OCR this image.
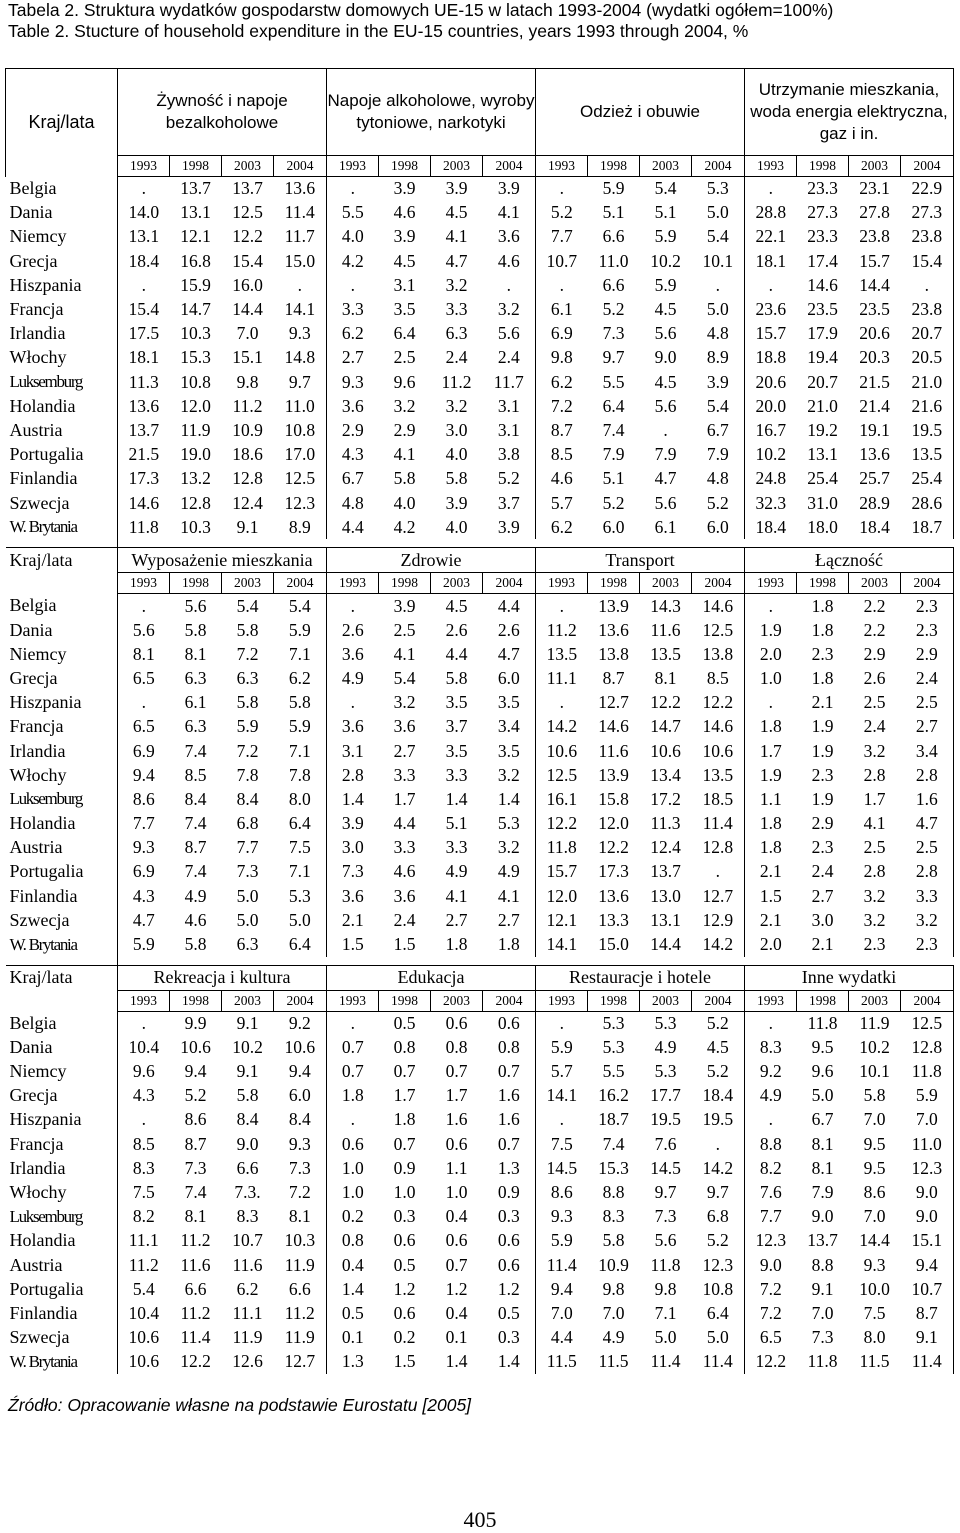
Tabela 2. Struktura wydatków gospodarstw domowych UE-15 w latach 1993-2004 (wydatki ogółem=100%)
Table 2. Stucture of household expenditure in the EU-15 countries, years 1993 through 2004, %
Kraj/lata	Żywność i napoje bezalkoholowe				Napoje alkoholowe, wyroby tytoniowe, narkotyki				Odzież i obuwie				Utrzymanie mieszkania, woda energia elektryczna, gaz i in.			
	1993	1998	2003	2004	1993	1998	2003	2004	1993	1998	2003	2004	1993	1998	2003	2004
Belgia	.	13.7	13.7	13.6	.	3.9	3.9	3.9	.	5.9	5.4	5.3	.	23.3	23.1	22.9
Dania	14.0	13.1	12.5	11.4	5.5	4.6	4.5	4.1	5.2	5.1	5.1	5.0	28.8	27.3	27.8	27.3
Niemcy	13.1	12.1	12.2	11.7	4.0	3.9	4.1	3.6	7.7	6.6	5.9	5.4	22.1	23.3	23.8	23.8
Grecja	18.4	16.8	15.4	15.0	4.2	4.5	4.7	4.6	10.7	11.0	10.2	10.1	18.1	17.4	15.7	15.4
Hiszpania	.	15.9	16.0	.	.	3.1	3.2	.	.	6.6	5.9	.	.	14.6	14.4	.
Francja	15.4	14.7	14.4	14.1	3.3	3.5	3.3	3.2	6.1	5.2	4.5	5.0	23.6	23.5	23.5	23.8
Irlandia	17.5	10.3	7.0	9.3	6.2	6.4	6.3	5.6	6.9	7.3	5.6	4.8	15.7	17.9	20.6	20.7
Włochy	18.1	15.3	15.1	14.8	2.7	2.5	2.4	2.4	9.8	9.7	9.0	8.9	18.8	19.4	20.3	20.5
Luksemburg	11.3	10.8	9.8	9.7	9.3	9.6	11.2	11.7	6.2	5.5	4.5	3.9	20.6	20.7	21.5	21.0
Holandia	13.6	12.0	11.2	11.0	3.6	3.2	3.2	3.1	7.2	6.4	5.6	5.4	20.0	21.0	21.4	21.6
Austria	13.7	11.9	10.9	10.8	2.9	2.9	3.0	3.1	8.7	7.4	.	6.7	16.7	19.2	19.1	19.5
Portugalia	21.5	19.0	18.6	17.0	4.3	4.1	4.0	3.8	8.5	7.9	7.9	7.9	10.2	13.1	13.6	13.5
Finlandia	17.3	13.2	12.8	12.5	6.7	5.8	5.8	5.2	4.6	5.1	4.7	4.8	24.8	25.4	25.7	25.4
Szwecja	14.6	12.8	12.4	12.3	4.8	4.0	3.9	3.7	5.7	5.2	5.6	5.2	32.3	31.0	28.9	28.6
W. Brytania	11.8	10.3	9.1	8.9	4.4	4.2	4.0	3.9	6.2	6.0	6.1	6.0	18.4	18.0	18.4	18.7

Kraj/lata	Wyposażenie mieszkania				Zdrowie				Transport				Łączność			
	1993	1998	2003	2004	1993	1998	2003	2004	1993	1998	2003	2004	1993	1998	2003	2004
Belgia	.	5.6	5.4	5.4	.	3.9	4.5	4.4	.	13.9	14.3	14.6	.	1.8	2.2	2.3
Dania	5.6	5.8	5.8	5.9	2.6	2.5	2.6	2.6	11.2	13.6	11.6	12.5	1.9	1.8	2.2	2.3
Niemcy	8.1	8.1	7.2	7.1	3.6	4.1	4.4	4.7	13.5	13.8	13.5	13.8	2.0	2.3	2.9	2.9
Grecja	6.5	6.3	6.3	6.2	4.9	5.4	5.8	6.0	11.1	8.7	8.1	8.5	1.0	1.8	2.6	2.4
Hiszpania	.	6.1	5.8	5.8	.	3.2	3.5	3.5	.	12.7	12.2	12.2	.	2.1	2.5	2.5
Francja	6.5	6.3	5.9	5.9	3.6	3.6	3.7	3.4	14.2	14.6	14.7	14.6	1.8	1.9	2.4	2.7
Irlandia	6.9	7.4	7.2	7.1	3.1	2.7	3.5	3.5	10.6	11.6	10.6	10.6	1.7	1.9	3.2	3.4
Włochy	9.4	8.5	7.8	7.8	2.8	3.3	3.3	3.2	12.5	13.9	13.4	13.5	1.9	2.3	2.8	2.8
Luksemburg	8.6	8.4	8.4	8.0	1.4	1.7	1.4	1.4	16.1	15.8	17.2	18.5	1.1	1.9	1.7	1.6
Holandia	7.7	7.4	6.8	6.4	3.9	4.4	5.1	5.3	12.2	12.0	11.3	11.4	1.8	2.9	4.1	4.7
Austria	9.3	8.7	7.7	7.5	3.0	3.3	3.3	3.2	11.8	12.2	12.4	12.8	1.8	2.3	2.5	2.5
Portugalia	6.9	7.4	7.3	7.1	7.3	4.6	4.9	4.9	15.7	17.3	13.7	.	2.1	2.4	2.8	2.8
Finlandia	4.3	4.9	5.0	5.3	3.6	3.6	4.1	4.1	12.0	13.6	13.0	12.7	1.5	2.7	3.2	3.3
Szwecja	4.7	4.6	5.0	5.0	2.1	2.4	2.7	2.7	12.1	13.3	13.1	12.9	2.1	3.0	3.2	3.2
W. Brytania	5.9	5.8	6.3	6.4	1.5	1.5	1.8	1.8	14.1	15.0	14.4	14.2	2.0	2.1	2.3	2.3

Kraj/lata	Rekreacja i kultura				Edukacja				Restauracje i hotele				Inne wydatki			
	1993	1998	2003	2004	1993	1998	2003	2004	1993	1998	2003	2004	1993	1998	2003	2004
Belgia	.	9.9	9.1	9.2	.	0.5	0.6	0.6	.	5.3	5.3	5.2	.	11.8	11.9	12.5
Dania	10.4	10.6	10.2	10.6	0.7	0.8	0.8	0.8	5.9	5.3	4.9	4.5	8.3	9.5	10.2	12.8
Niemcy	9.6	9.4	9.1	9.4	0.7	0.7	0.7	0.7	5.7	5.5	5.3	5.2	9.2	9.6	10.1	11.8
Grecja	4.3	5.2	5.8	6.0	1.8	1.7	1.7	1.6	14.1	16.2	17.7	18.4	4.9	5.0	5.8	5.9
Hiszpania	.	8.6	8.4	8.4	.	1.8	1.6	1.6	.	18.7	19.5	19.5	.	6.7	7.0	7.0
Francja	8.5	8.7	9.0	9.3	0.6	0.7	0.6	0.7	7.5	7.4	7.6	.	8.8	8.1	9.5	11.0
Irlandia	8.3	7.3	6.6	7.3	1.0	0.9	1.1	1.3	14.5	15.3	14.5	14.2	8.2	8.1	9.5	12.3
Włochy	7.5	7.4	7.3.	7.2	1.0	1.0	1.0	0.9	8.6	8.8	9.7	9.7	7.6	7.9	8.6	9.0
Luksemburg	8.2	8.1	8.3	8.1	0.2	0.3	0.4	0.3	9.3	8.3	7.3	6.8	7.7	9.0	7.0	9.0
Holandia	11.1	11.2	10.7	10.3	0.8	0.6	0.6	0.6	5.9	5.8	5.6	5.2	12.3	13.7	14.4	15.1
Austria	11.2	11.6	11.6	11.9	0.4	0.5	0.7	0.6	11.4	10.9	11.8	12.3	9.0	8.8	9.3	9.4
Portugalia	5.4	6.6	6.2	6.6	1.4	1.2	1.2	1.2	9.4	9.8	9.8	10.8	7.2	9.1	10.0	10.7
Finlandia	10.4	11.2	11.1	11.2	0.5	0.6	0.4	0.5	7.0	7.0	7.1	6.4	7.2	7.0	7.5	8.7
Szwecja	10.6	11.4	11.9	11.9	0.1	0.2	0.1	0.3	4.4	4.9	5.0	5.0	6.5	7.3	8.0	9.1
W. Brytania	10.6	12.2	12.6	12.7	1.3	1.5	1.4	1.4	11.5	11.5	11.4	11.4	12.2	11.8	11.5	11.4
Źródło: Opracowanie własne na podstawie Eurostatu [2005]
405
